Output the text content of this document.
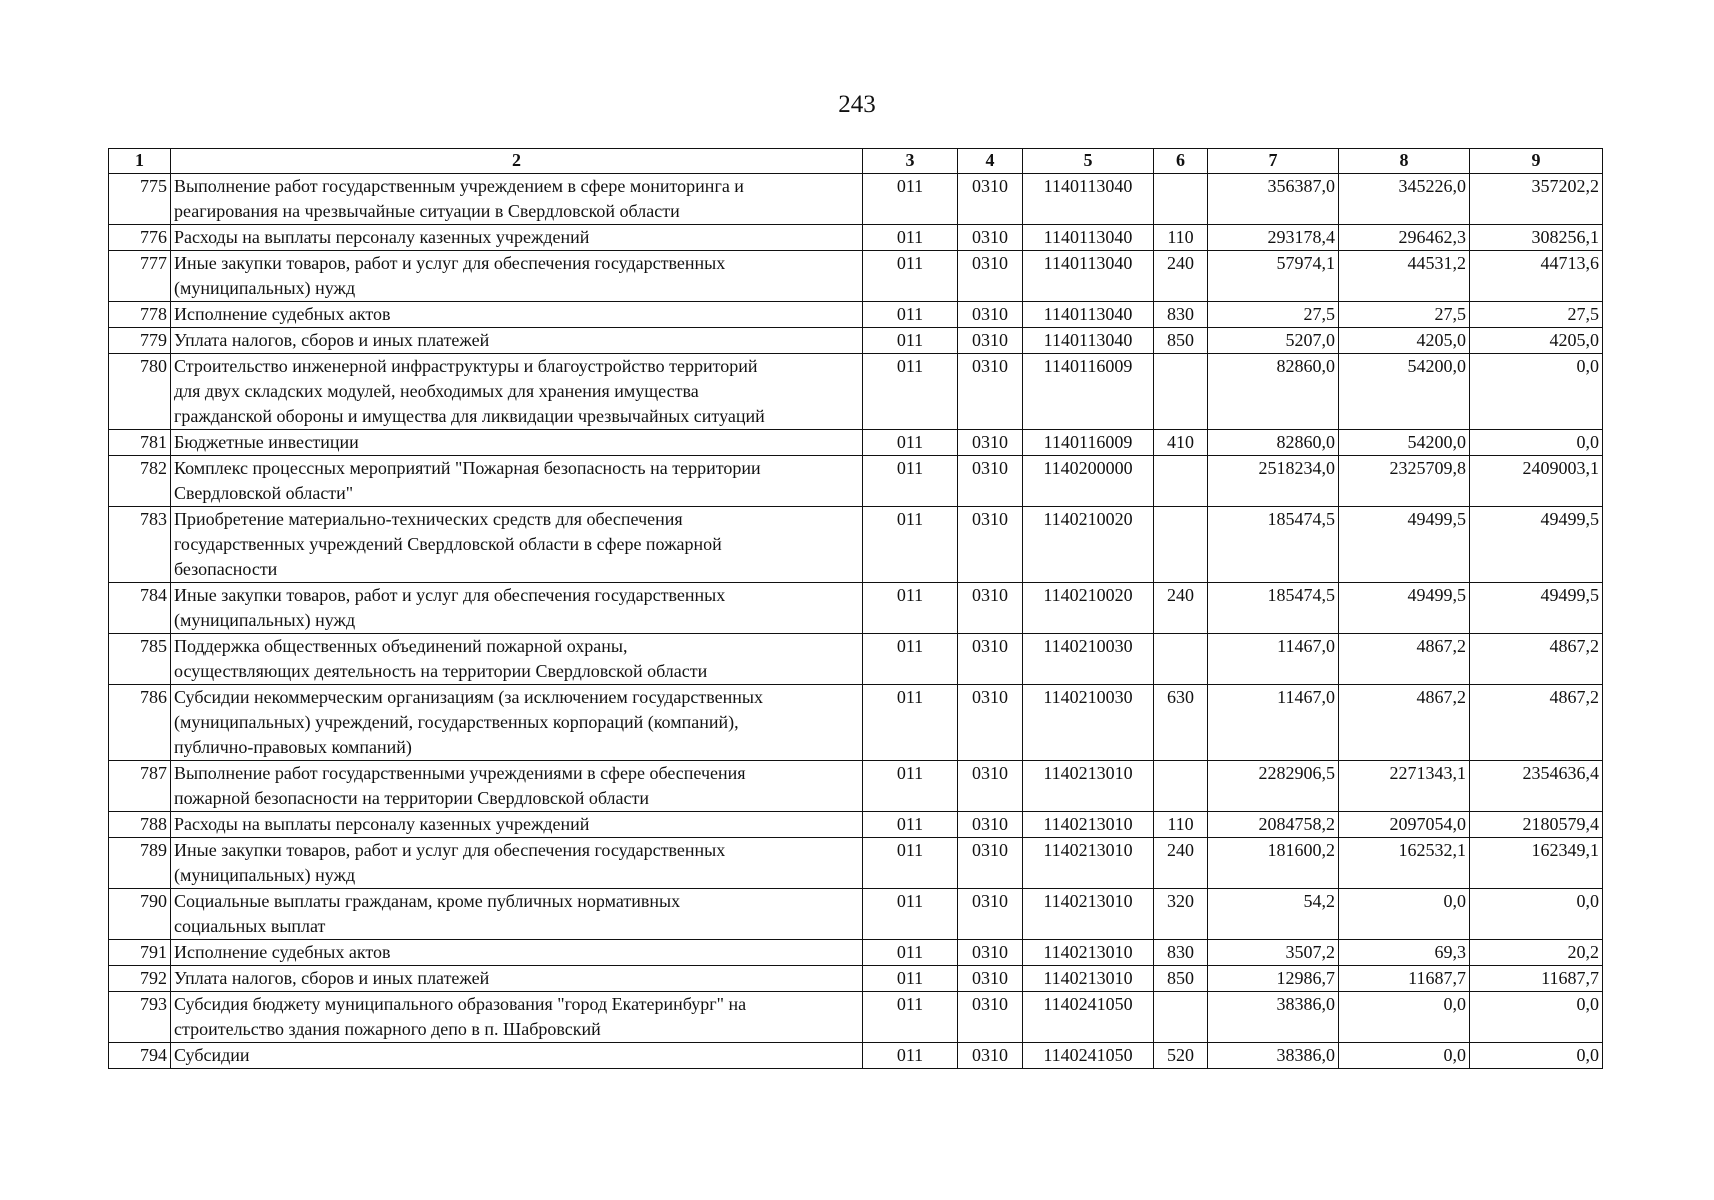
243
1	2	3	4	5	6	7	8	9
775	Выполнение работ государственным учреждением в сфере мониторинга и
реагирования на чрезвычайные ситуации в Свердловской области	011	0310	1140113040		356387,0	345226,0	357202,2
776	Расходы на выплаты персоналу казенных учреждений	011	0310	1140113040	110	293178,4	296462,3	308256,1
777	Иные закупки товаров, работ и услуг для обеспечения государственных
(муниципальных) нужд	011	0310	1140113040	240	57974,1	44531,2	44713,6
778	Исполнение судебных актов	011	0310	1140113040	830	27,5	27,5	27,5
779	Уплата налогов, сборов и иных платежей	011	0310	1140113040	850	5207,0	4205,0	4205,0
780	Строительство инженерной инфраструктуры и благоустройство территорий
для двух складских модулей, необходимых для хранения имущества
гражданской обороны и имущества для ликвидации чрезвычайных ситуаций	011	0310	1140116009		82860,0	54200,0	0,0
781	Бюджетные инвестиции	011	0310	1140116009	410	82860,0	54200,0	0,0
782	Комплекс процессных мероприятий "Пожарная безопасность на территории
Свердловской области"	011	0310	1140200000		2518234,0	2325709,8	2409003,1
783	Приобретение материально-технических средств для обеспечения
государственных учреждений Свердловской области в сфере пожарной
безопасности	011	0310	1140210020		185474,5	49499,5	49499,5
784	Иные закупки товаров, работ и услуг для обеспечения государственных
(муниципальных) нужд	011	0310	1140210020	240	185474,5	49499,5	49499,5
785	Поддержка общественных объединений пожарной охраны,
осуществляющих деятельность на территории Свердловской области	011	0310	1140210030		11467,0	4867,2	4867,2
786	Субсидии некоммерческим организациям (за исключением государственных
(муниципальных) учреждений, государственных корпораций (компаний),
публично-правовых компаний)	011	0310	1140210030	630	11467,0	4867,2	4867,2
787	Выполнение работ государственными учреждениями в сфере обеспечения
пожарной безопасности на территории Свердловской области	011	0310	1140213010		2282906,5	2271343,1	2354636,4
788	Расходы на выплаты персоналу казенных учреждений	011	0310	1140213010	110	2084758,2	2097054,0	2180579,4
789	Иные закупки товаров, работ и услуг для обеспечения государственных
(муниципальных) нужд	011	0310	1140213010	240	181600,2	162532,1	162349,1
790	Социальные выплаты гражданам, кроме публичных нормативных
социальных выплат	011	0310	1140213010	320	54,2	0,0	0,0
791	Исполнение судебных актов	011	0310	1140213010	830	3507,2	69,3	20,2
792	Уплата налогов, сборов и иных платежей	011	0310	1140213010	850	12986,7	11687,7	11687,7
793	Субсидия бюджету муниципального образования "город Екатеринбург" на
строительство здания пожарного депо в п. Шабровский	011	0310	1140241050		38386,0	0,0	0,0
794	Субсидии	011	0310	1140241050	520	38386,0	0,0	0,0
